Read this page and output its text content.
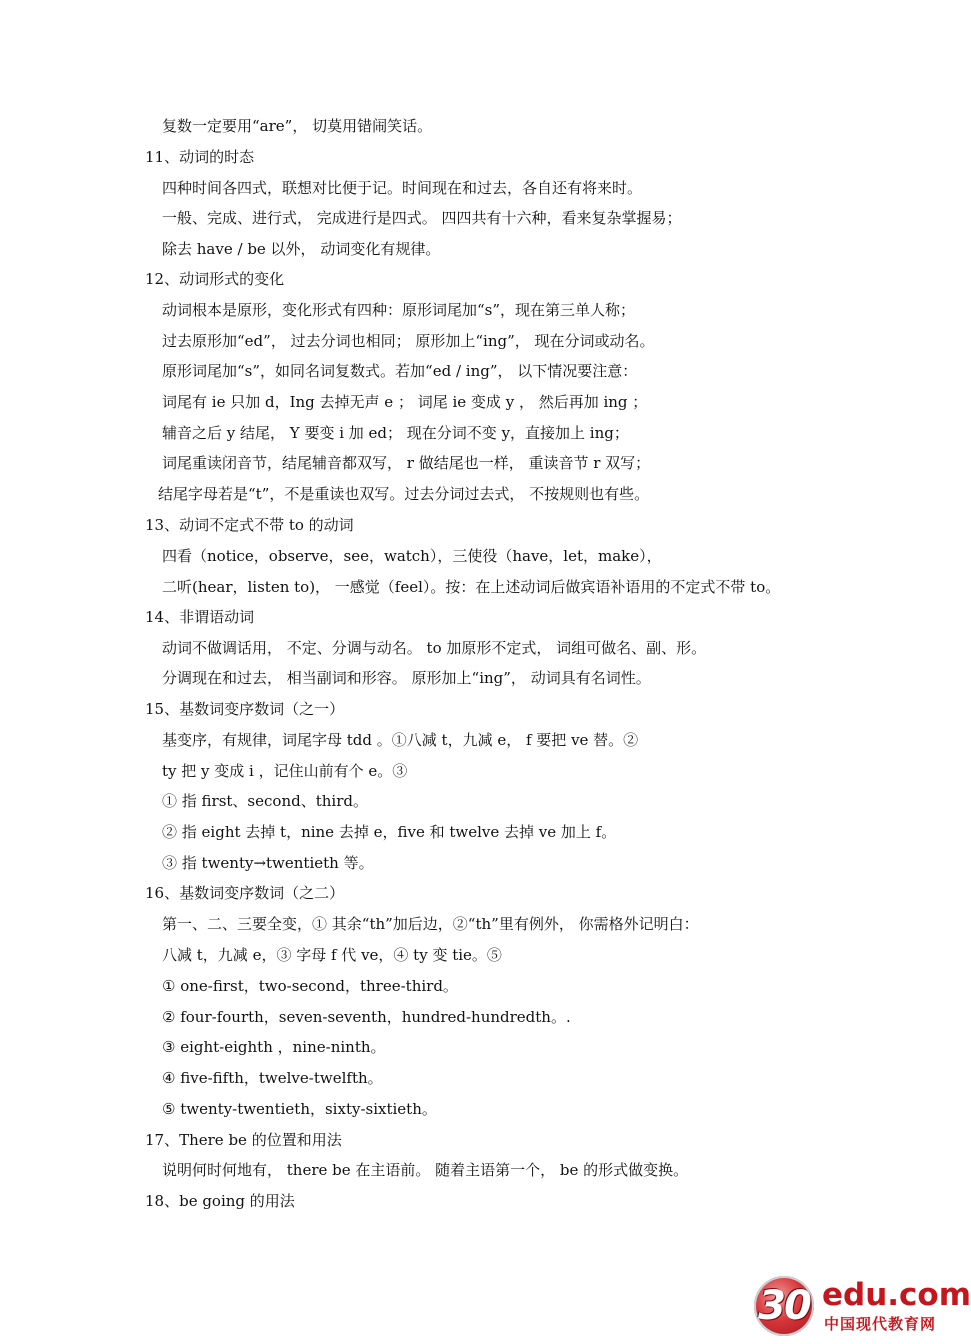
复数一定要用“are”， 切莫用错闹笑话。
11、动词的时态
四种时间各四式，联想对比便于记。时间现在和过去，各自还有将来时。
一般、完成、进行式， 完成进行是四式。 四四共有十六种，看来复杂掌握易；
除去 have / be 以外， 动词变化有规律。
12、动词形式的变化
动词根本是原形，变化形式有四种：原形词尾加“s”，现在第三单人称；
过去原形加“ed”， 过去分词也相同； 原形加上“ing”， 现在分词或动名。
原形词尾加“s”，如同名词复数式。若加“ed / ing”， 以下情况要注意：
词尾有 ie 只加 d，Ing 去掉无声 e ； 词尾 ie 变成 y ， 然后再加 ing ；
辅音之后 y 结尾， Y 要变 i 加 ed； 现在分词不变 y，直接加上 ing；
词尾重读闭音节，结尾辅音都双写， r 做结尾也一样， 重读音节 r 双写；
结尾字母若是“t”，不是重读也双写。过去分词过去式， 不按规则也有些。
13、动词不定式不带 to 的动词
四看（notice，observe，see，watch），三使役（have，let，make），
二听(hear，listen to)， 一感觉（feel）。按：在上述动词后做宾语补语用的不定式不带 to。
14、非谓语动词
动词不做调话用， 不定、分调与动名。 to 加原形不定式， 词组可做名、副、形。
分调现在和过去， 相当副词和形容。 原形加上“ing”， 动词具有名词性。
15、基数词变序数词（之一）
基变序，有规律，词尾字母 tdd 。①八减 t，九减 e， f 要把 ve 替。②
ty 把 y 变成 i ，记住山前有个 e。③
① 指 first、second、third。
② 指 eight 去掉 t，nine 去掉 e，five 和 twelve 去掉 ve 加上 f。
③ 指 twenty→twentieth 等。
16、基数词变序数词（之二）
第一、二、三要全变，① 其余“th”加后边，②“th”里有例外， 你需格外记明白：
八减 t，九减 e，③ 字母 f 代 ve，④ ty 变 tie。⑤
① one-first，two-second，three-third。
② four-fourth，seven-seventh，hundred-hundredth。.
③ eight-eighth ，nine-ninth。
④ five-fifth，twelve-twelfth。
⑤ twenty-twentieth，sixty-sixtieth。
17、There be 的位置和用法
说明何时何地有， there be 在主语前。 随着主语第一个， be 的形式做变换。
18、be going 的用法
30 edu.com
中国现代教育网
